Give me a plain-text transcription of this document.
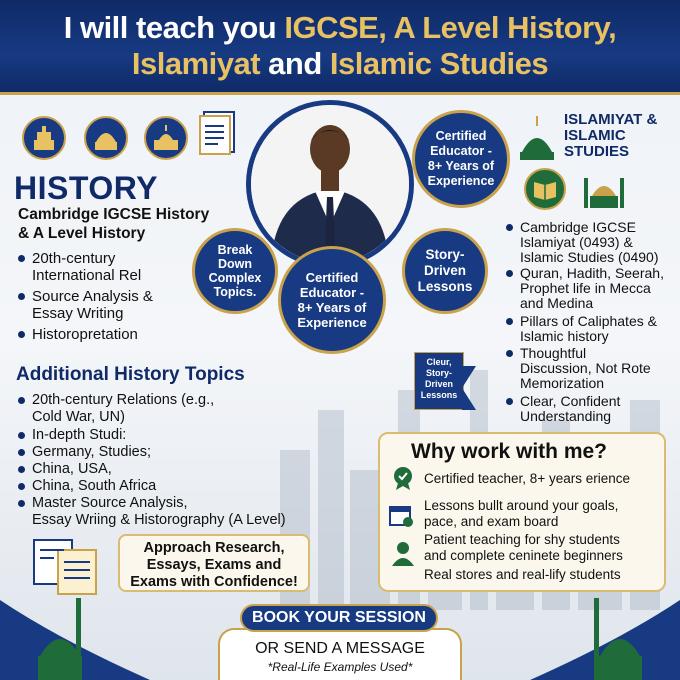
I will teach you IGCSE, A Level History,
Islamiyat and Islamic Studies
HISTORY
Cambridge IGCSE History
& A Level History
20th-century
International Rel
Source Analysis &
Essay Writing
Historopretation
Additional History Topics
20th-century Relations (e.g.,
Cold War, UN)
In-depth Studi:
Germany, Studies;
China, USA,
China, South Africa
Master Source Analysis,
Essay Wriing & Historography (A Level)
Approach Research,
Essays, Exams and
Exams with Confidence!
Certified
Educator -
8+ Years of
Experience
Break
Down
Complex
Topics.
Certified
Educator -
8+ Years of
Experience
Story-
Driven
Lessons
Cleur,
Story-
Driven
Lessons
ISLAMIYAT &
ISLAMIC
STUDIES
Cambridge IGCSE
Islamiyat (0493) &
Islamic Studies (0490)
Quran, Hadith, Seerah,
Prophet life in Mecca
and Medina
Pillars of Caliphates &
Islamic history
Thoughtful
Discussion, Not Rote
Memorization
Clear, Confident
Understanding
Why work with me?
Certified teacher, 8+ years erience
Lessons bullt around your goals,
pace, and exam board
Patient teaching for shy students
and complete ceninete beginners
Real stores and real-lify students
BOOK YOUR SESSION
OR SEND A MESSAGE
*Real-Life Examples Used*
